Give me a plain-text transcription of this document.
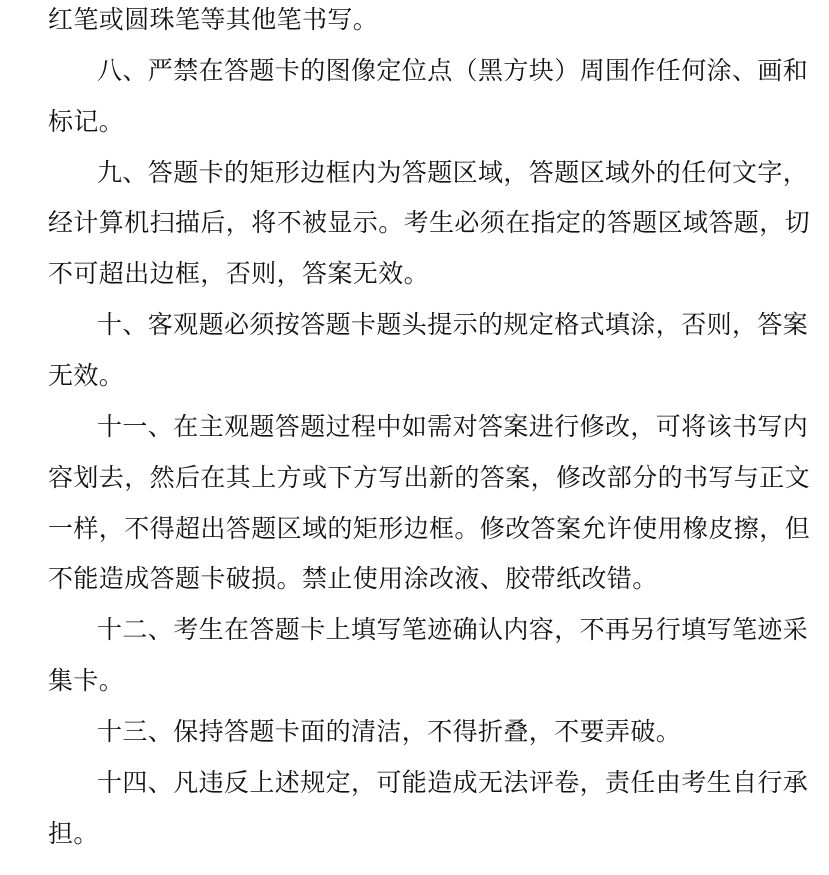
红笔或圆珠笔等其他笔书写。
八、严禁在答题卡的图像定位点（黑方块）周围作任何涂、画和
标记。
九、答题卡的矩形边框内为答题区域，答题区域外的任何文字，
经计算机扫描后，将不被显示。考生必须在指定的答题区域答题，切
不可超出边框，否则，答案无效。
十、客观题必须按答题卡题头提示的规定格式填涂，否则，答案
无效。
十一、在主观题答题过程中如需对答案进行修改，可将该书写内
容划去，然后在其上方或下方写出新的答案，修改部分的书写与正文
一样，不得超出答题区域的矩形边框。修改答案允许使用橡皮擦，但
不能造成答题卡破损。禁止使用涂改液、胶带纸改错。
十二、考生在答题卡上填写笔迹确认内容，不再另行填写笔迹采
集卡。
十三、保持答题卡面的清洁，不得折叠，不要弄破。
十四、凡违反上述规定，可能造成无法评卷，责任由考生自行承
担。
